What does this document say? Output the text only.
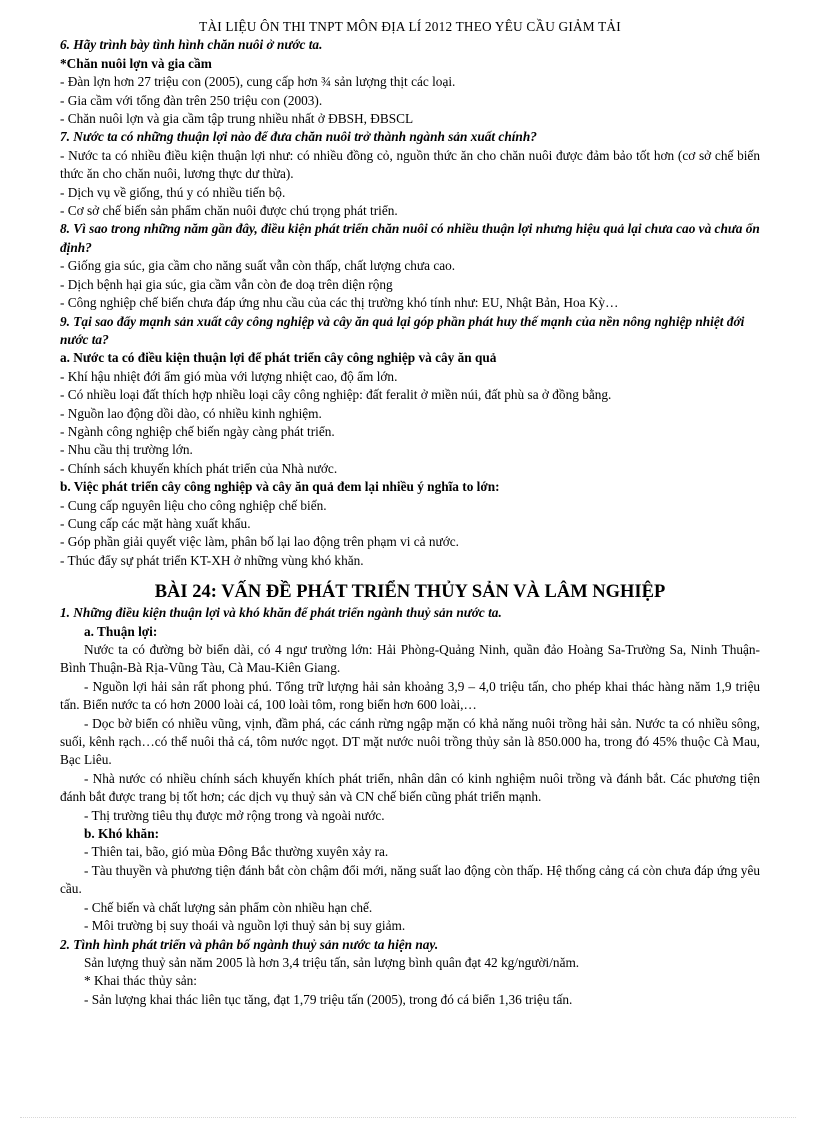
TÀI LIỆU ÔN THI TNPT MÔN ĐỊA LÍ 2012 THEO YÊU CẦU GIẢM TẢI
6. Hãy trình bày tình hình chăn nuôi ở nước ta.
*Chăn nuôi lợn và gia cầm
- Đàn lợn hơn 27 triệu con (2005), cung cấp hơn ¾ sản lượng thịt các loại.
- Gia cầm với tổng đàn trên 250 triệu con (2003).
- Chăn nuôi lợn và gia cầm tập trung nhiều nhất ở ĐBSH, ĐBSCL
7. Nước ta có những thuận lợi nào để đưa chăn nuôi trở thành ngành sản xuất chính?
- Nước ta có nhiều điều kiện thuận lợi như: có nhiều đồng cỏ, nguồn thức ăn cho chăn nuôi được đảm bảo tốt hơn (cơ sở chế biến thức ăn cho chăn nuôi, lương thực dư thừa).
- Dịch vụ về giống, thú y có nhiều tiến bộ.
- Cơ sở chế biến sản phẩm chăn nuôi được chú trọng phát triển.
8. Vì sao trong những năm gần đây, điều kiện phát triển chăn nuôi có nhiều thuận lợi nhưng hiệu quả lại chưa cao và chưa ổn định?
- Giống gia súc, gia cầm cho năng suất vẫn còn thấp, chất lượng chưa cao.
- Dịch bệnh hại gia súc, gia cầm vẫn còn đe doạ trên diện rộng
- Công nghiệp chế biến chưa đáp ứng nhu cầu của các thị trường khó tính như: EU, Nhật Bản, Hoa Kỳ…
9. Tại sao đẩy mạnh sản xuất cây công nghiệp và cây ăn quả lại góp phần phát huy thế mạnh của nền nông nghiệp nhiệt đới nước ta?
a. Nước ta có điều kiện thuận lợi để phát triển cây công nghiệp và cây ăn quả
- Khí hậu nhiệt đới ẩm gió mùa với lượng nhiệt cao, độ ẩm lớn.
- Có nhiều loại đất thích hợp nhiều loại cây công nghiệp: đất feralit ở miền núi, đất phù sa ở đồng bằng.
- Nguồn lao động dồi dào, có nhiều kinh nghiệm.
- Ngành công nghiệp chế biến ngày càng phát triển.
- Nhu cầu thị trường lớn.
- Chính sách khuyến khích phát triển của Nhà nước.
b. Việc phát triển cây công nghiệp và cây ăn quả đem lại nhiều ý nghĩa to lớn:
- Cung cấp nguyên liệu cho công nghiệp chế biến.
- Cung cấp các mặt hàng xuất khẩu.
- Góp phần giải quyết việc làm, phân bố lại lao động trên phạm vi cả nước.
- Thúc đẩy sự phát triển KT-XH ở những vùng khó khăn.
BÀI 24: VẤN ĐỀ PHÁT TRIỂN THỦY SẢN VÀ LÂM NGHIỆP
1. Những điều kiện thuận lợi và khó khăn để phát triển ngành thuỷ sản nước ta.
a. Thuận lợi:
Nước ta có đường bờ biển dài, có 4 ngư trường lớn: Hải Phòng-Quảng Ninh, quần đảo Hoàng Sa-Trường Sa, Ninh Thuận-Bình Thuận-Bà Rịa-Vũng Tàu, Cà Mau-Kiên Giang.
- Nguồn lợi hải sản rất phong phú. Tổng trữ lượng hải sản khoảng 3,9 – 4,0 triệu tấn, cho phép khai thác hàng năm 1,9 triệu tấn. Biển nước ta có hơn 2000 loài cá, 100 loài tôm, rong biển hơn 600 loài,…
- Dọc bờ biển có nhiều vũng, vịnh, đầm phá, các cánh rừng ngập mặn có khả năng nuôi trồng hải sản. Nước ta có nhiều sông, suối, kênh rạch…có thể nuôi thả cá, tôm nước ngọt. DT mặt nước nuôi trồng thủy sản là 850.000 ha, trong đó 45% thuộc Cà Mau, Bạc Liêu.
- Nhà nước có nhiều chính sách khuyến khích phát triển, nhân dân có kinh nghiệm nuôi trồng và đánh bắt. Các phương tiện đánh bắt được trang bị tốt hơn; các dịch vụ thuỷ sản và CN chế biến cũng phát triển mạnh.
- Thị trường tiêu thụ được mở rộng trong và ngoài nước.
b. Khó khăn:
- Thiên tai, bão, gió mùa Đông Bắc thường xuyên xảy ra.
- Tàu thuyền và phương tiện đánh bắt còn chậm đổi mới, năng suất lao động còn thấp. Hệ thống cảng cá còn chưa đáp ứng yêu cầu.
- Chế biến và chất lượng sản phẩm còn nhiều hạn chế.
- Môi trường bị suy thoái và nguồn lợi thuỷ sản bị suy giảm.
2. Tình hình phát triển và phân bố ngành thuỷ sản nước ta hiện nay.
Sản lượng thuỷ sản năm 2005 là hơn 3,4 triệu tấn, sản lượng bình quân đạt 42 kg/người/năm.
* Khai thác thủy sản:
- Sản lượng khai thác liên tục tăng, đạt 1,79 triệu tấn (2005), trong đó cá biển 1,36 triệu tấn.
